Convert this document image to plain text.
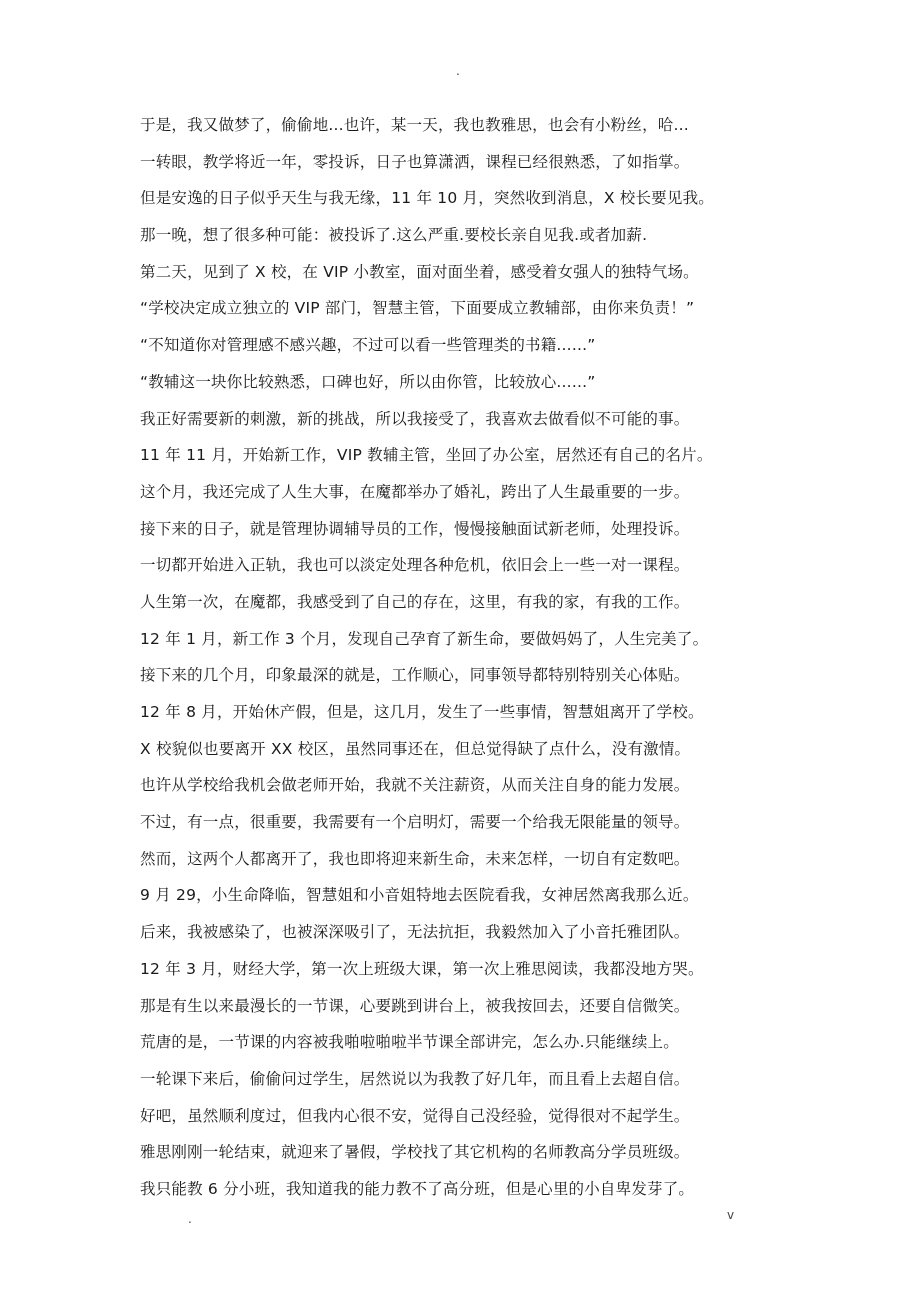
.
于是，我又做梦了，偷偷地...也许，某一天，我也教雅思，也会有小粉丝，哈...
一转眼，教学将近一年，零投诉，日子也算潇洒，课程已经很熟悉，了如指掌。
但是安逸的日子似乎天生与我无缘，11 年 10 月，突然收到消息，X 校长要见我。
那一晚，想了很多种可能：被投诉了.这么严重.要校长亲自见我.或者加薪.
第二天，见到了 X 校，在 VIP 小教室，面对面坐着，感受着女强人的独特气场。
“学校决定成立独立的 VIP 部门，智慧主管，下面要成立教辅部，由你来负责！”
“不知道你对管理感不感兴趣，不过可以看一些管理类的书籍......”
“教辅这一块你比较熟悉，口碑也好，所以由你管，比较放心......”
我正好需要新的刺激，新的挑战，所以我接受了，我喜欢去做看似不可能的事。
11 年 11 月，开始新工作，VIP 教辅主管，坐回了办公室，居然还有自己的名片。
这个月，我还完成了人生大事，在魔都举办了婚礼，跨出了人生最重要的一步。
接下来的日子，就是管理协调辅导员的工作，慢慢接触面试新老师，处理投诉。
一切都开始进入正轨，我也可以淡定处理各种危机，依旧会上一些一对一课程。
人生第一次，在魔都，我感受到了自己的存在，这里，有我的家，有我的工作。
12 年 1 月，新工作 3 个月，发现自己孕育了新生命，要做妈妈了，人生完美了。
接下来的几个月，印象最深的就是，工作顺心，同事领导都特别特别关心体贴。
12 年 8 月，开始休产假，但是，这几月，发生了一些事情，智慧姐离开了学校。
X 校貌似也要离开 XX 校区，虽然同事还在，但总觉得缺了点什么，没有激情。
也许从学校给我机会做老师开始，我就不关注薪资，从而关注自身的能力发展。
不过，有一点，很重要，我需要有一个启明灯，需要一个给我无限能量的领导。
然而，这两个人都离开了，我也即将迎来新生命，未来怎样，一切自有定数吧。
9 月 29，小生命降临，智慧姐和小音姐特地去医院看我，女神居然离我那么近。
后来，我被感染了，也被深深吸引了，无法抗拒，我毅然加入了小音托雅团队。
12 年 3 月，财经大学，第一次上班级大课，第一次上雅思阅读，我都没地方哭。
那是有生以来最漫长的一节课，心要跳到讲台上，被我按回去，还要自信微笑。
荒唐的是，一节课的内容被我啪啦啪啦半节课全部讲完，怎么办.只能继续上。
一轮课下来后，偷偷问过学生，居然说以为我教了好几年，而且看上去超自信。
好吧，虽然顺利度过，但我内心很不安，觉得自己没经验，觉得很对不起学生。
雅思刚刚一轮结束，就迎来了暑假，学校找了其它机构的名师教高分学员班级。
我只能教 6 分小班，我知道我的能力教不了高分班，但是心里的小自卑发芽了。
.	v
